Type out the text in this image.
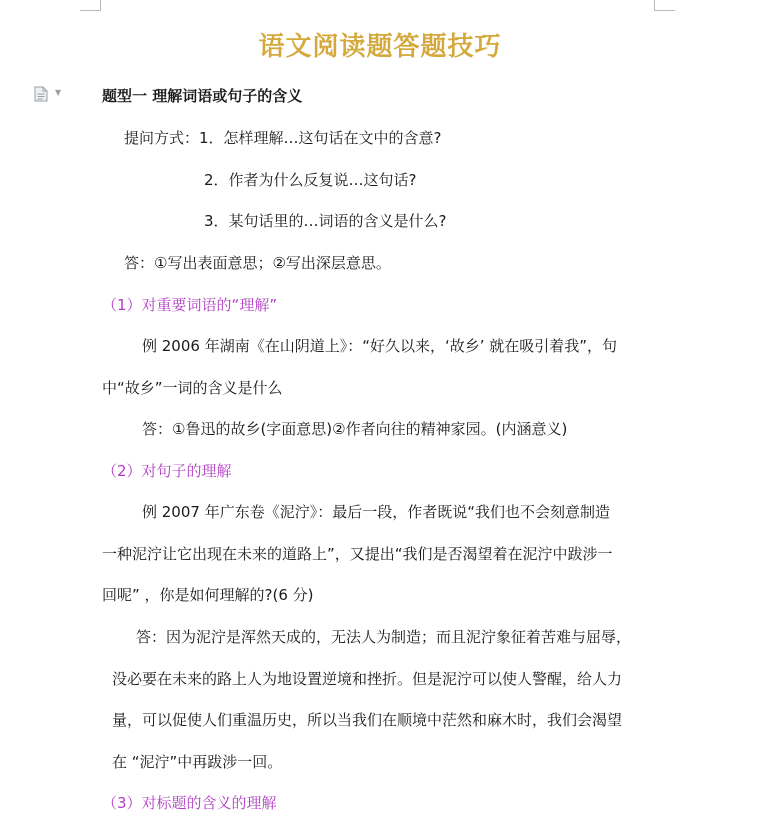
▼
语文阅读题答题技巧
题型一 理解词语或句子的含义
提问方式：1．怎样理解…这句话在文中的含意?
2．作者为什么反复说…这句话?
3．某句话里的…词语的含义是什么?
答：①写出表面意思；②写出深层意思。
（1）对重要词语的“理解”
例 2006 年湖南《在山阴道上》：“好久以来，‘故乡’ 就在吸引着我”，句
中“故乡”一词的含义是什么
答：①鲁迅的故乡(字面意思)②作者向往的精神家园。(内涵意义)
（2）对句子的理解
例 2007 年广东卷《泥泞》：最后一段，作者既说“我们也不会刻意制造
一种泥泞让它出现在未来的道路上”，又提出“我们是否渴望着在泥泞中跋涉一
回呢” ，你是如何理解的?(6 分)
答：因为泥泞是浑然天成的，无法人为制造；而且泥泞象征着苦难与屈辱，
没必要在未来的路上人为地设置逆境和挫折。但是泥泞可以使人警醒，给人力
量，可以促使人们重温历史，所以当我们在顺境中茫然和麻木时，我们会渴望
在 “泥泞”中再跋涉一回。
（3）对标题的含义的理解
